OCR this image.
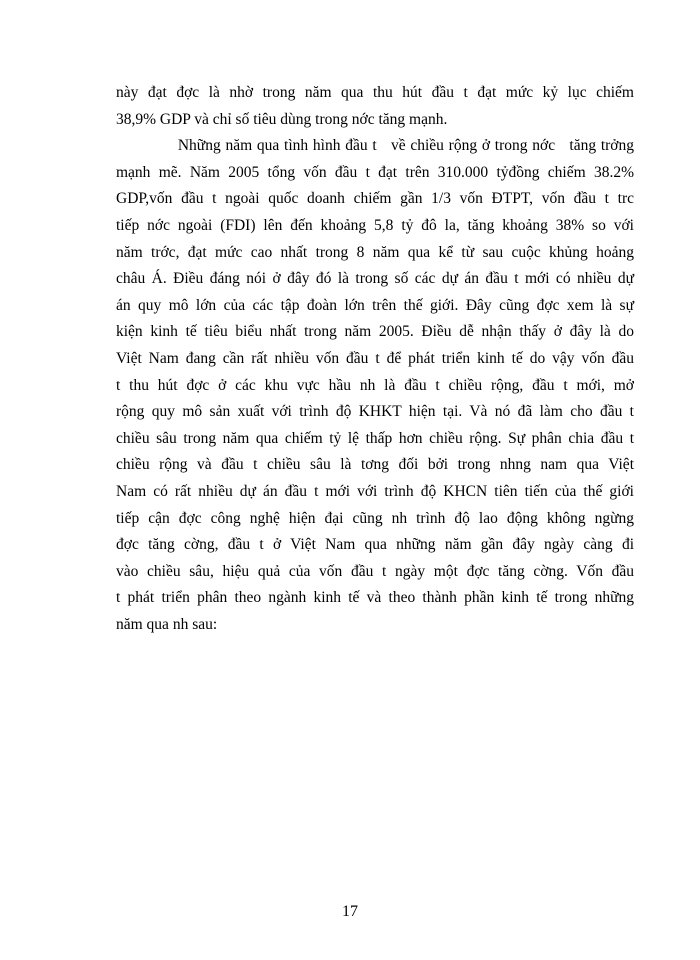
này đạt đợc là nhờ trong năm qua thu hút đầu t đạt mức kỷ lục chiếm
38,9% GDP và chỉ số tiêu dùng trong nớc tăng mạnh.
Những năm qua tình hình đầu t   về chiều rộng ở trong nớc   tăng trởng
mạnh mẽ. Năm 2005 tổng vốn đầu t đạt trên 310.000 tỷđồng chiếm 38.2%
GDP,vốn đầu t ngoài quốc doanh chiếm gần 1/3 vốn ĐTPT, vốn đầu t trc
tiếp nớc ngoài (FDI) lên đến khoảng 5,8 tỷ đô la, tăng khoảng 38% so với
năm trớc, đạt mức cao nhất trong 8 năm qua kể từ sau cuộc khủng hoảng
châu Á. Điều đáng nói ở đây đó là trong số các dự án đầu t mới có nhiều dự
án quy mô lớn của các tập đoàn lớn trên thế giới. Đây cũng đợc xem là sự
kiện kinh tế tiêu biểu nhất trong năm 2005. Điều dễ nhận thấy ở đây là do
Việt Nam đang cần rất nhiều vốn đầu t để phát triển kinh tế do vậy vốn đầu
t thu hút đợc ở các khu vực hầu nh là đầu t chiều rộng, đầu t mới, mở
rộng quy mô sản xuất với trình độ KHKT hiện tại. Và nó đã làm cho đầu t
chiều sâu trong năm qua chiếm tỷ lệ thấp hơn chiều rộng. Sự phân chia đầu t
chiều rộng và đầu t chiều sâu là tơng đối bởi trong nhng nam qua Việt
Nam có rất nhiều dự án đầu t mới với trình độ KHCN tiên tiến của thế giới
tiếp cận đợc công nghệ hiện đại cũng nh trình độ lao động không ngừng
đợc tăng cờng, đầu t ở Việt Nam qua những năm gần đây ngày càng đi
vào chiều sâu, hiệu quả của vốn đầu t ngày một đợc tăng cờng. Vốn đầu
t phát triển phân theo ngành kinh tế và theo thành phần kinh tế trong những
năm qua nh sau:
17
